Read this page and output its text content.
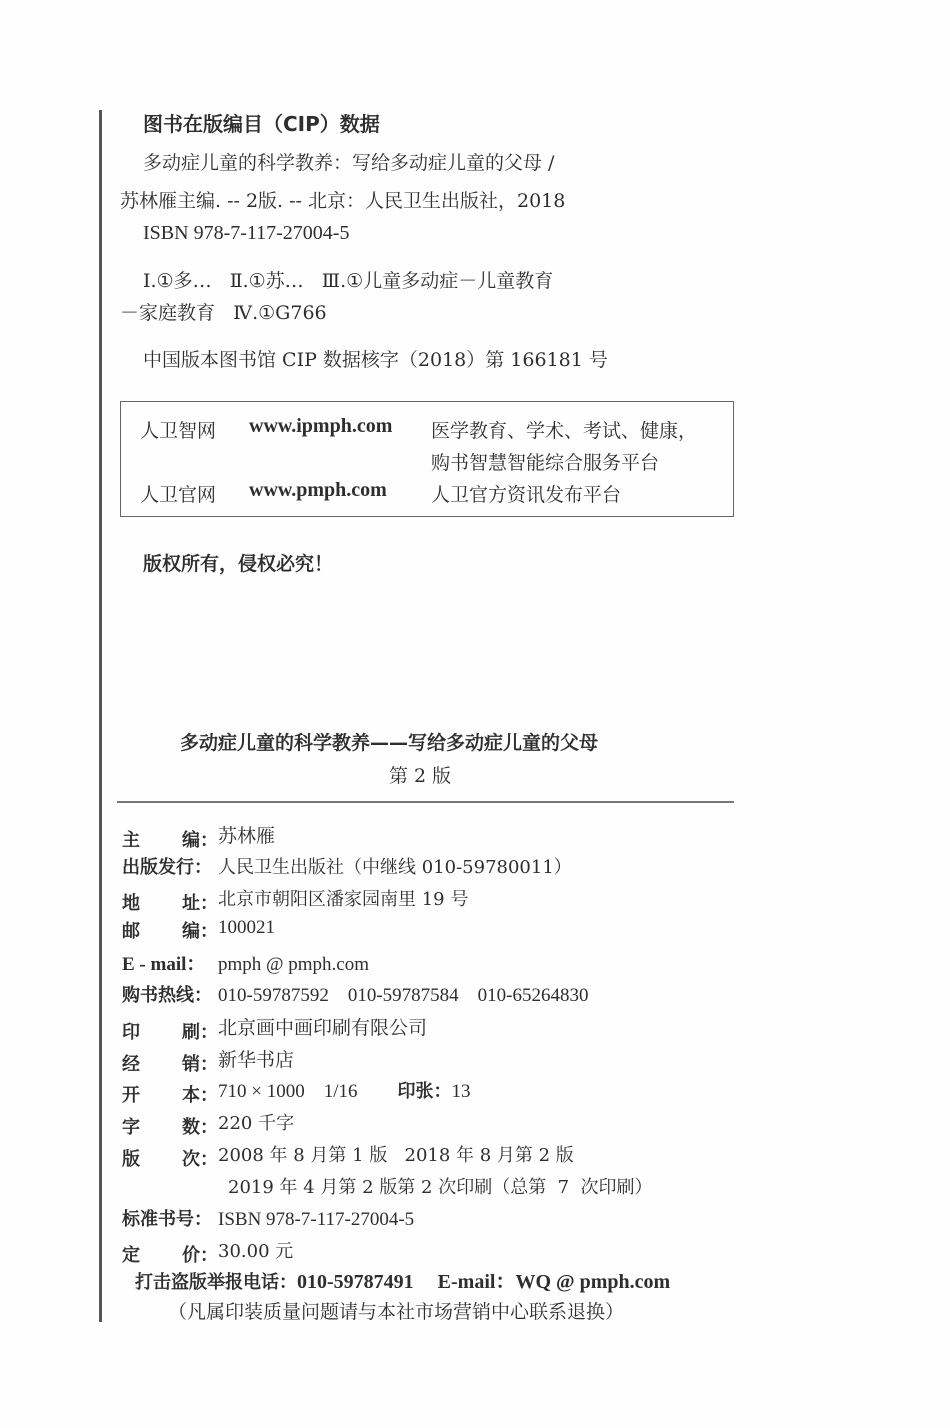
图书在版编目（CIP）数据
多动症儿童的科学教养：写给多动症儿童的父母 /
苏林雁主编. -- 2版. -- 北京：人民卫生出版社，2018
ISBN 978-7-117-27004-5
Ⅰ.①多…   Ⅱ.①苏…   Ⅲ.①儿童多动症－儿童教育
－家庭教育   Ⅳ.①G766
中国版本图书馆 CIP 数据核字（2018）第 166181 号
人卫智网 www.ipmph.com 医学教育、学术、考试、健康，
购书智慧智能综合服务平台
人卫官网 www.pmph.com 人卫官方资讯发布平台
版权所有，侵权必究！
多动症儿童的科学教养——写给多动症儿童的父母
第 2 版
主 编：
苏林雁
出版发行： 人民卫生出版社（中继线 010-59780011）
地 址：
北京市朝阳区潘家园南里 19 号
邮 编：
100021
E - mail： pmph @ pmph.com
购书热线： 010-59787592    010-59787584    010-65264830
印 刷：
北京画中画印刷有限公司
经 销：
新华书店
开 本：
710 × 1000    1/16 印张： 13
字 数：
220 千字
版 次：
2008 年 8 月第 1 版   2018 年 8 月第 2 版
2019 年 4 月第 2 版第 2 次印刷（总第  7  次印刷）
标准书号： ISBN 978-7-117-27004-5
定 价：
30.00 元
打击盗版举报电话：010-59787491 E-mail：WQ @ pmph.com
（凡属印装质量问题请与本社市场营销中心联系退换）
